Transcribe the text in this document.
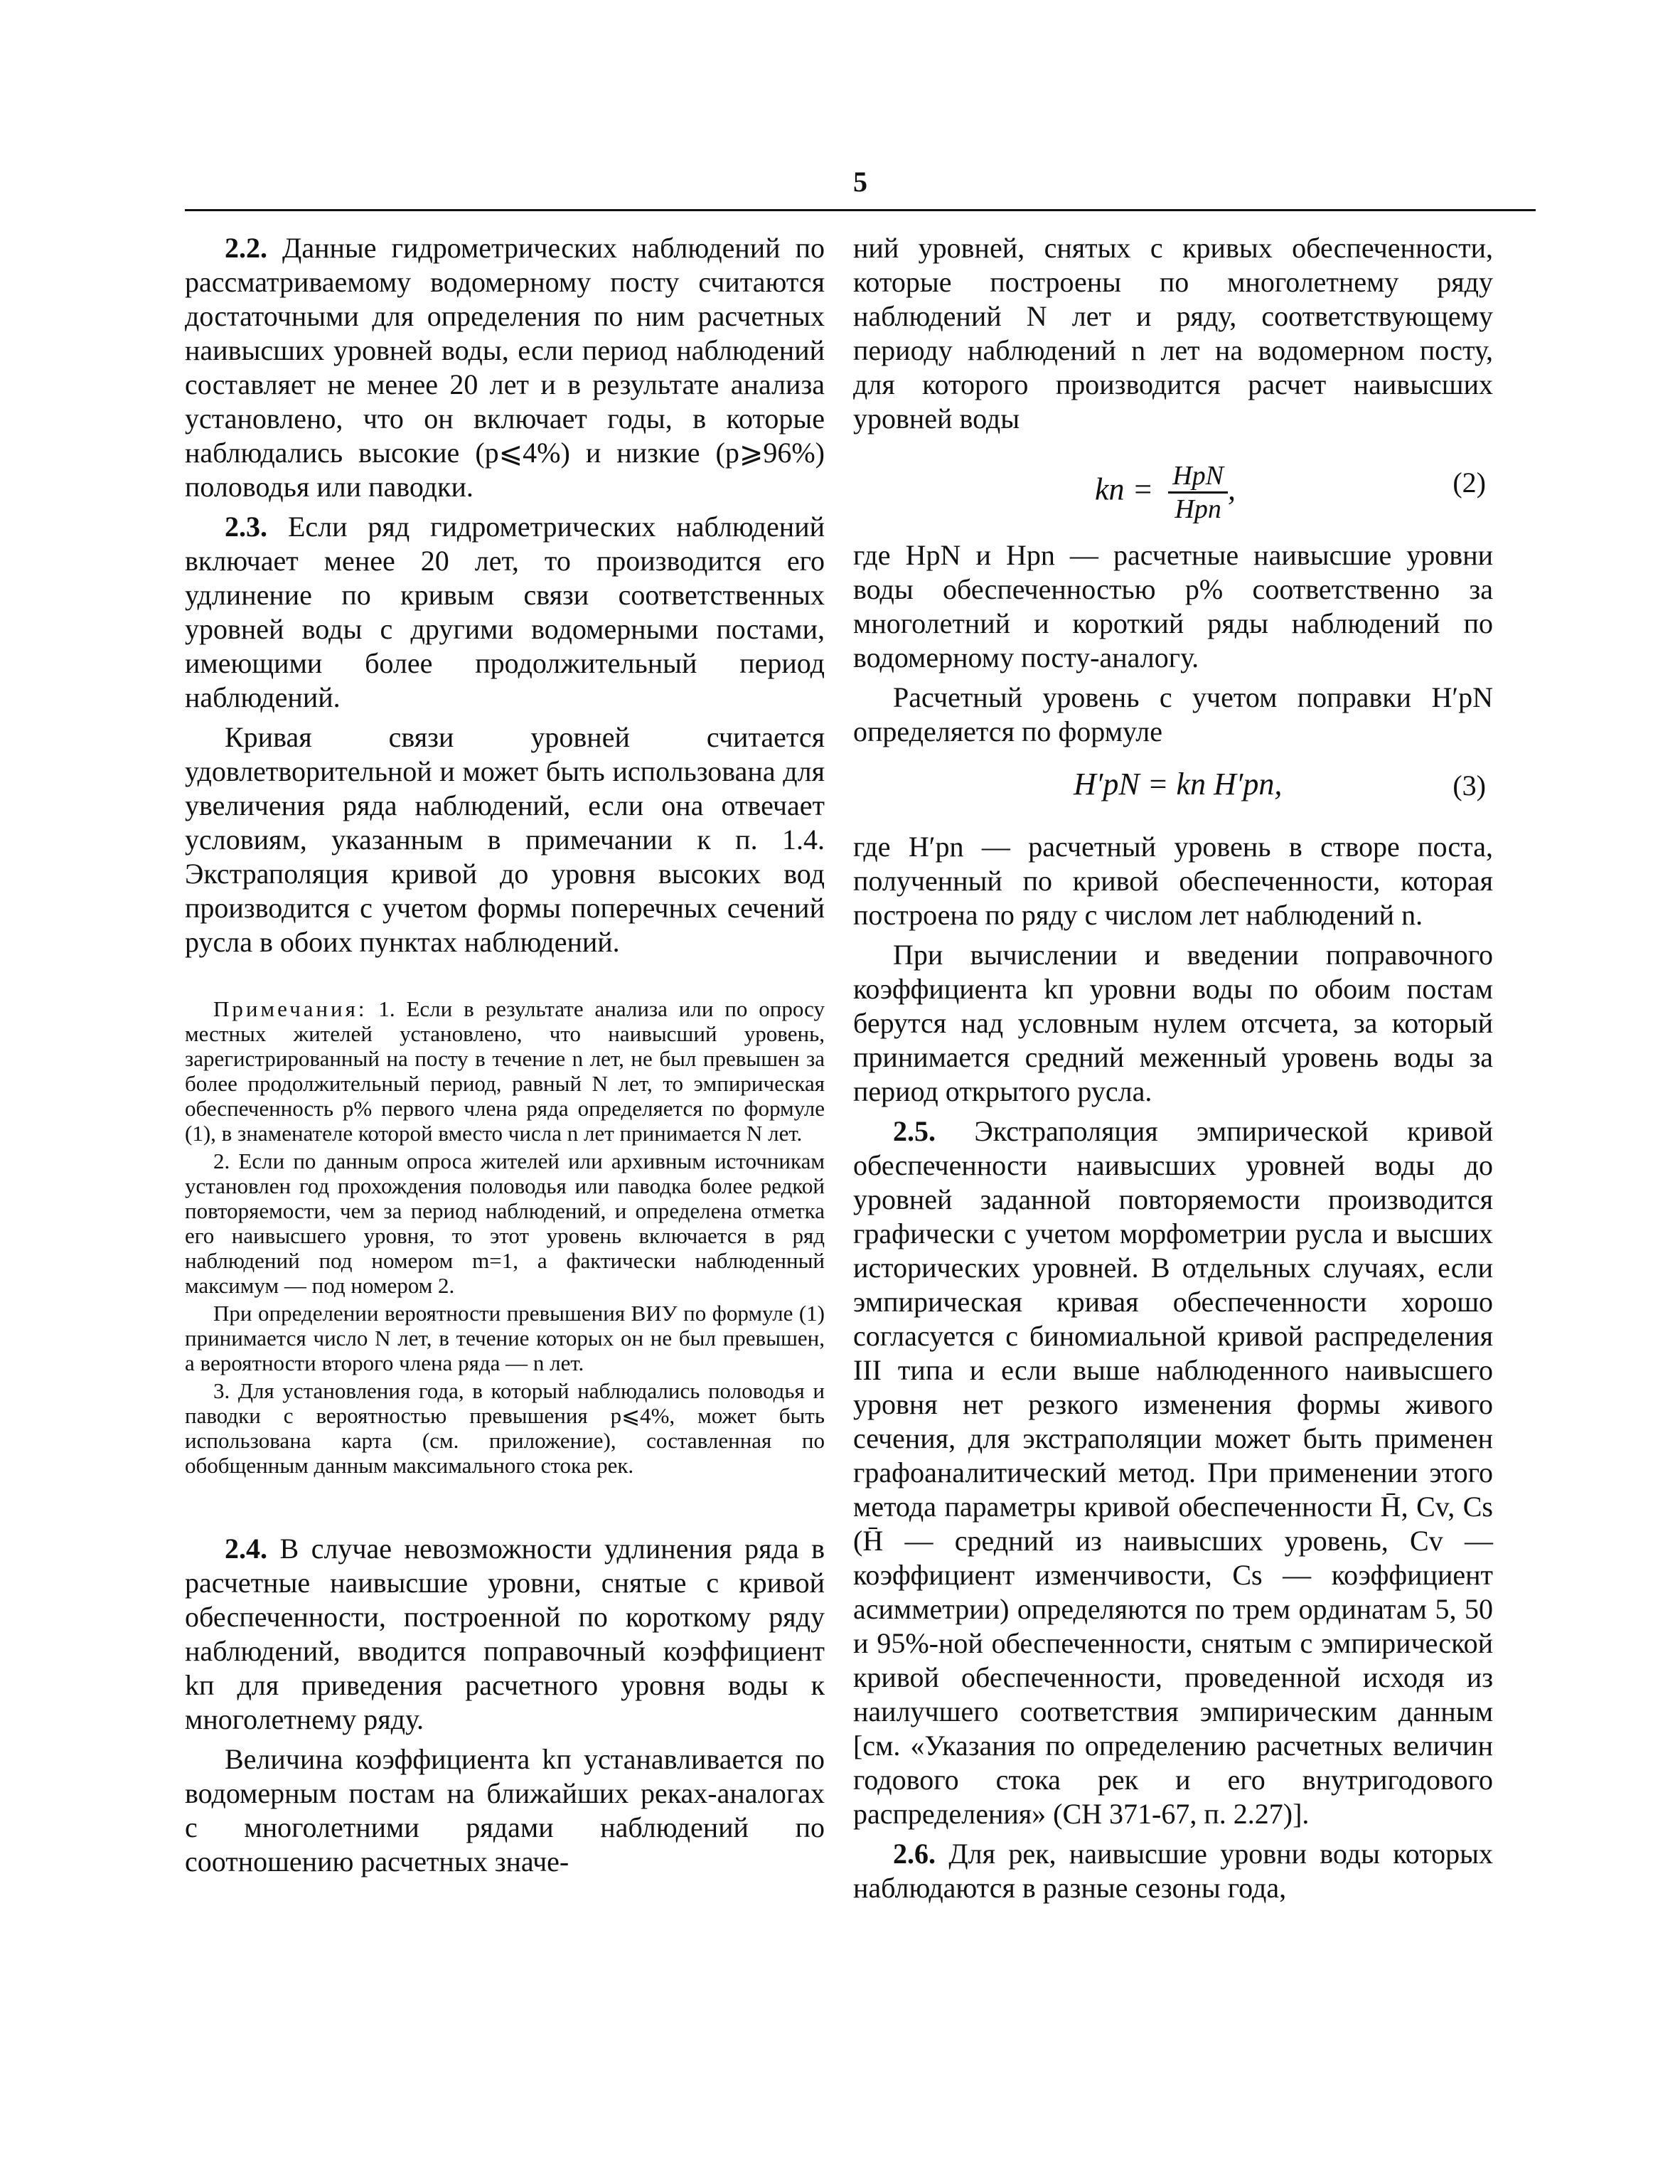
5

2.2. Данные гидрометрических наблюдений по рассматриваемому водомерному посту считаются достаточными для определения по ним расчетных наивысших уровней воды, если период наблюдений составляет не менее 20 лет и в результате анализа установлено, что он включает годы, в которые наблюдались высокие (p⩽4%) и низкие (p⩾96%) половодья или паводки.

2.3. Если ряд гидрометрических наблюдений включает менее 20 лет, то производится его удлинение по кривым связи соответственных уровней воды с другими водомерными постами, имеющими более продолжительный период наблюдений.

Кривая связи уровней считается удовлетворительной и может быть использована для увеличения ряда наблюдений, если она отвечает условиям, указанным в примечании к п. 1.4. Экстраполяция кривой до уровня высоких вод производится с учетом формы поперечных сечений русла в обоих пунктах наблюдений.

Примечания: 1. Если в результате анализа или по опросу местных жителей установлено, что наивысший уровень, зарегистрированный на посту в течение n лет, не был превышен за более продолжительный период, равный N лет, то эмпирическая обеспеченность p% первого члена ряда определяется по формуле (1), в знаменателе которой вместо числа n лет принимается N лет.

2. Если по данным опроса жителей или архивным источникам установлен год прохождения половодья или паводка более редкой повторяемости, чем за период наблюдений, и определена отметка его наивысшего уровня, то этот уровень включается в ряд наблюдений под номером m=1, а фактически наблюденный максимум — под номером 2.

При определении вероятности превышения ВИУ по формуле (1) принимается число N лет, в течение которых он не был превышен, а вероятности второго члена ряда — n лет.

3. Для установления года, в который наблюдались половодья и паводки с вероятностью превышения p⩽4%, может быть использована карта (см. приложение), составленная по обобщенным данным максимального стока рек.

2.4. В случае невозможности удлинения ряда в расчетные наивысшие уровни, снятые с кривой обеспеченности, построенной по короткому ряду наблюдений, вводится поправочный коэффициент kп для приведения расчетного уровня воды к многолетнему ряду.

Величина коэффициента kп устанавливается по водомерным постам на ближайших реках-аналогах с многолетними рядами наблюдений по соотношению расчетных значе-

ний уровней, снятых с кривых обеспеченности, которые построены по многолетнему ряду наблюдений N лет и ряду, соответствующему периоду наблюдений n лет на водомерном посту, для которого производится расчет наивысших уровней воды

kп = $\frac{\text{HpN}}{\text{Hpn}}$ ,	(2)

где HpN и Hpn — расчетные наивысшие уровни воды обеспеченностью p% соответственно за многолетний и короткий ряды наблюдений по водомерному посту-аналогу.

Расчетный уровень с учетом поправки H′pN определяется по формуле

H′pN = kп H′pn,	(3)

где H′pn — расчетный уровень в створе поста, полученный по кривой обеспеченности, которая построена по ряду с числом лет наблюдений n.

При вычислении и введении поправочного коэффициента kп уровни воды по обоим постам берутся над условным нулем отсчета, за который принимается средний меженный уровень воды за период открытого русла.

2.5. Экстраполяция эмпирической кривой обеспеченности наивысших уровней воды до уровней заданной повторяемости производится графически с учетом морфометрии русла и высших исторических уровней. В отдельных случаях, если эмпирическая кривая обеспеченности хорошо согласуется с биномиальной кривой распределения III типа и если выше наблюденного наивысшего уровня нет резкого изменения формы живого сечения, для экстраполяции может быть применен графоаналитический метод. При применении этого метода параметры кривой обеспеченности H̄, Cv, Cs (H̄ — средний из наивысших уровень, Cv — коэффициент изменчивости, Cs — коэффициент асимметрии) определяются по трем ординатам 5, 50 и 95%-ной обеспеченности, снятым с эмпирической кривой обеспеченности, проведенной исходя из наилучшего соответствия эмпирическим данным [см. «Указания по определению расчетных величин годового стока рек и его внутригодового распределения» (СН 371-67, п. 2.27)].

2.6. Для рек, наивысшие уровни воды которых наблюдаются в разные сезоны года,
